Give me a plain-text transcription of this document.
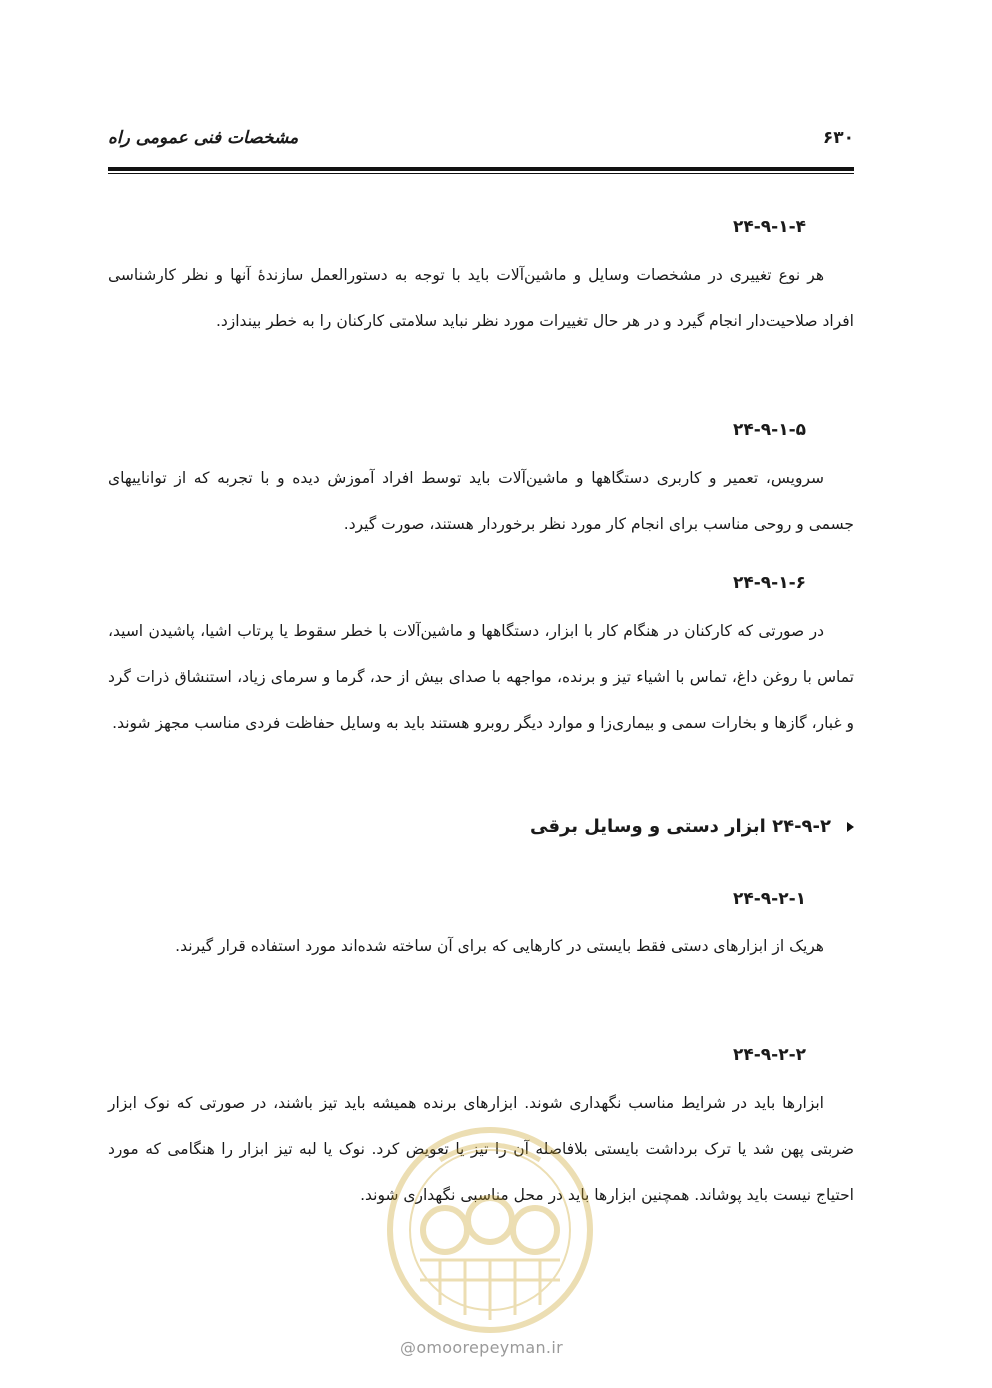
مشخصات فنی عمومی راه	۶۳۰
۲۴-۹-۱-۴
هر نوع تغییری در مشخصات وسایل و ماشین‌آلات باید با توجه به دستورالعمل سازندهٔ آنها و نظر کارشناسی افراد صلاحیت‌دار انجام گیرد و در هر حال تغییرات مورد نظر نباید سلامتی کارکنان را به خطر بیندازد.
۲۴-۹-۱-۵
سرویس، تعمیر و کاربری دستگاهها و ماشین‌آلات باید توسط افراد آموزش دیده و با تجربه که از تواناییهای جسمی و روحی مناسب برای انجام کار مورد نظر برخوردار هستند، صورت گیرد.
۲۴-۹-۱-۶
در صورتی که کارکنان در هنگام کار با ابزار، دستگاهها و ماشین‌آلات با خطر سقوط یا پرتاب اشیا، پاشیدن اسید، تماس با روغن داغ، تماس با اشیاء تیز و برنده، مواجهه با صدای بیش از حد، گرما و سرمای زیاد، استنشاق ذرات گرد و غبار، گازها و بخارات سمی و بیماری‌زا و موارد دیگر روبرو هستند باید به وسایل حفاظت فردی مناسب مجهز شوند.
۲۴-۹-۲ ابزار دستی و وسایل برقی
۲۴-۹-۲-۱
هریک از ابزارهای دستی فقط بایستی در کارهایی که برای آن ساخته شده‌اند مورد استفاده قرار گیرند.
۲۴-۹-۲-۲
ابزارها باید در شرایط مناسب نگهداری شوند. ابزارهای برنده همیشه باید تیز باشند، در صورتی که نوک ابزار ضربتی پهن شد یا ترک برداشت بایستی بلافاصله آن را تیز یا تعویض کرد. نوک یا لبه تیز ابزار را هنگامی که مورد احتیاج نیست باید پوشاند. همچنین ابزارها باید در محل مناسبی نگهداری شوند.
@omoorepeyman.ir
